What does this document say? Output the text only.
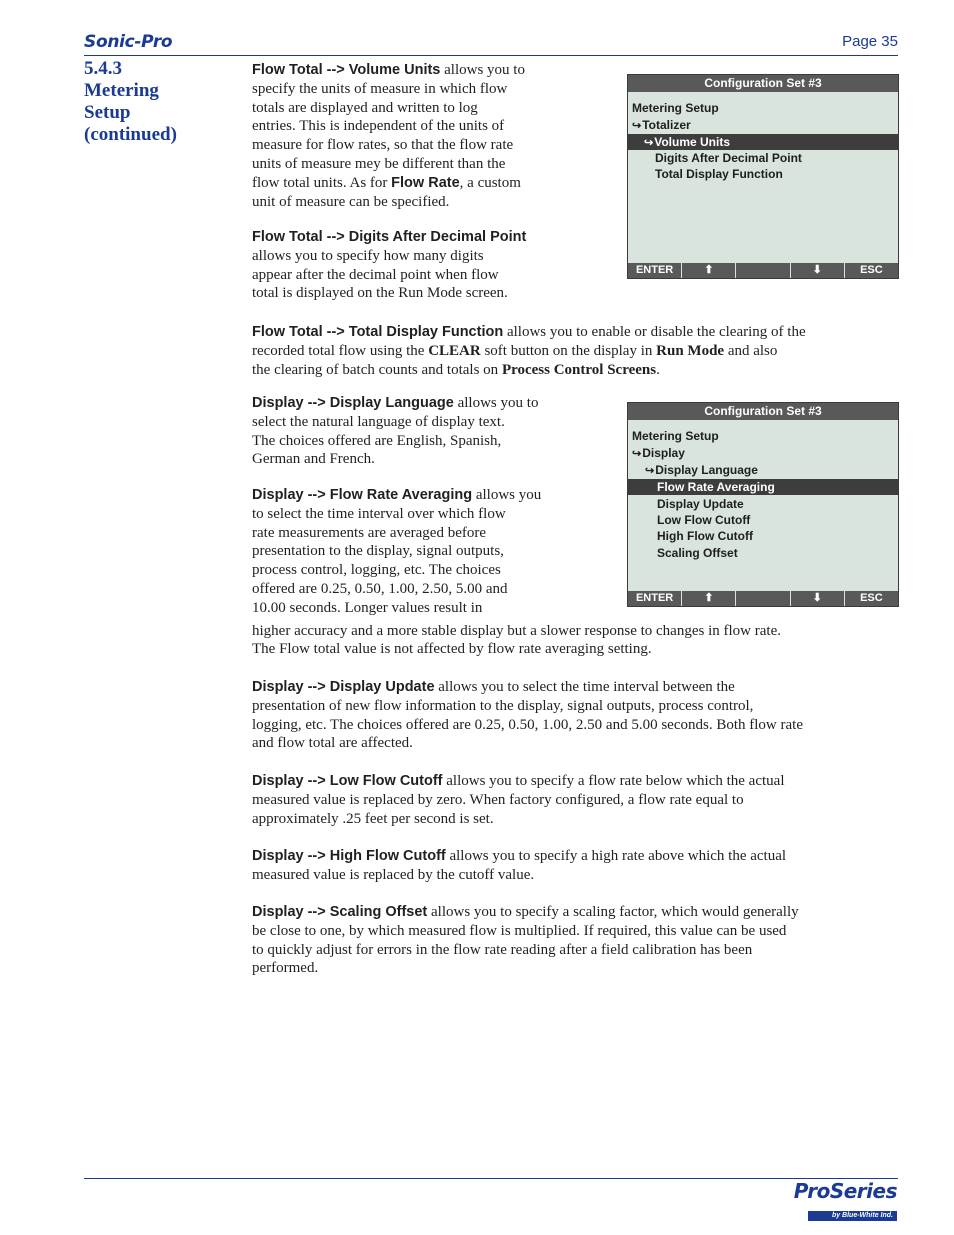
Sonic-Pro	Page 35
5.4.3
Metering
Setup
(continued)
Flow Total --> Volume Units allows you to
specify the units of measure in which flow
totals are displayed and written to log
entries. This is independent of the units of
measure for flow rates, so that the flow rate
units of measure mey be different than the
flow total units. As for Flow Rate, a custom
unit of measure can be specified.
Flow Total --> Digits After Decimal Point
allows you to specify how many digits
appear after the decimal point when flow
total is displayed on the Run Mode screen.
Configuration Set #3
Metering Setup
↪Totalizer
↪Volume Units
Digits After Decimal Point
Total Display Function
ENTER	⬆	⬇	ESC
Flow Total --> Total Display Function allows you to enable or disable the clearing of the
recorded total flow using the CLEAR soft button on the display in Run Mode and also
the clearing of batch counts and totals on Process Control Screens.
Display --> Display Language allows you to
select the natural language of display text.
The choices offered are English, Spanish,
German and French.
Configuration Set #3
Metering Setup
↪Display
↪Display Language
Flow Rate Averaging
Display Update
Low Flow Cutoff
High Flow Cutoff
Scaling Offset
ENTER	⬆	⬇	ESC
Display --> Flow Rate Averaging allows you
to select the time interval over which flow
rate measurements are averaged before
presentation to the display, signal outputs,
process control, logging, etc. The choices
offered are 0.25, 0.50, 1.00, 2.50, 5.00 and
10.00 seconds. Longer values result in
higher accuracy and a more stable display but a slower response to changes in flow rate.
The Flow total value is not affected by flow rate averaging setting.
Display --> Display Update allows you to select the time interval between the
presentation of new flow information to the display, signal outputs, process control,
logging, etc. The choices offered are 0.25, 0.50, 1.00, 2.50 and 5.00 seconds. Both flow rate
and flow total are affected.
Display --> Low Flow Cutoff allows you to specify a flow rate below which the actual
measured value is replaced by zero. When factory configured, a flow rate equal to
approximately .25 feet per second is set.
Display --> High Flow Cutoff allows you to specify a high rate above which the actual
measured value is replaced by the cutoff value.
Display --> Scaling Offset allows you to specify a scaling factor, which would generally
be close to one, by which measured flow is multiplied. If required, this value can be used
to quickly adjust for errors in the flow rate reading after a field calibration has been
performed.
ProSeries
by Blue-White Ind.
